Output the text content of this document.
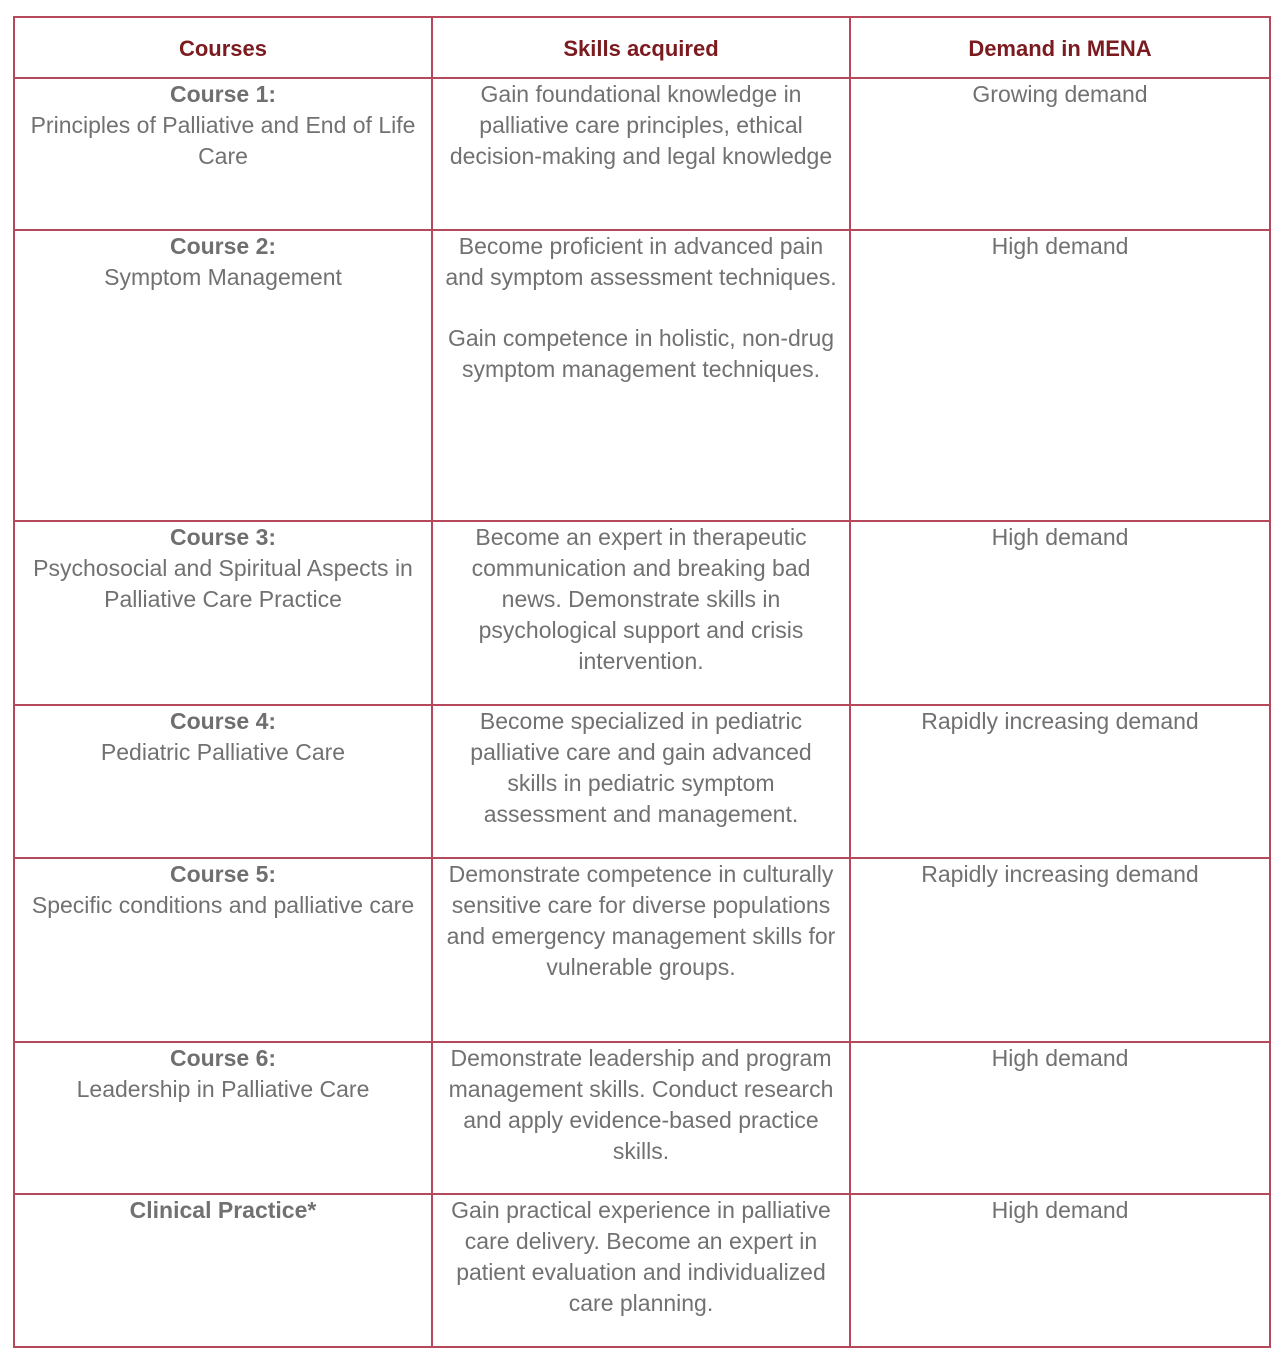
Courses	Skills acquired	Demand in MENA

Course 1:
Principles of Palliative and End of Life Care	Gain foundational knowledge in palliative care principles, ethical decision-making and legal knowledge	Growing demand

Course 2:
Symptom Management	Become proficient in advanced pain and symptom assessment techniques.
Gain competence in holistic, non-drug symptom management techniques.	High demand

Course 3:
Psychosocial and Spiritual Aspects in Palliative Care Practice	Become an expert in therapeutic communication and breaking bad news. Demonstrate skills in psychological support and crisis intervention.	High demand

Course 4:
Pediatric Palliative Care	Become specialized in pediatric palliative care and gain advanced skills in pediatric symptom assessment and management.	Rapidly increasing demand

Course 5:
Specific conditions and palliative care	Demonstrate competence in culturally sensitive care for diverse populations and emergency management skills for vulnerable groups.	Rapidly increasing demand

Course 6:
Leadership in Palliative Care	Demonstrate leadership and program management skills. Conduct research and apply evidence-based practice skills.	High demand
Clinical Practice*	Gain practical experience in palliative care delivery. Become an expert in patient evaluation and individualized care planning.	High demand
